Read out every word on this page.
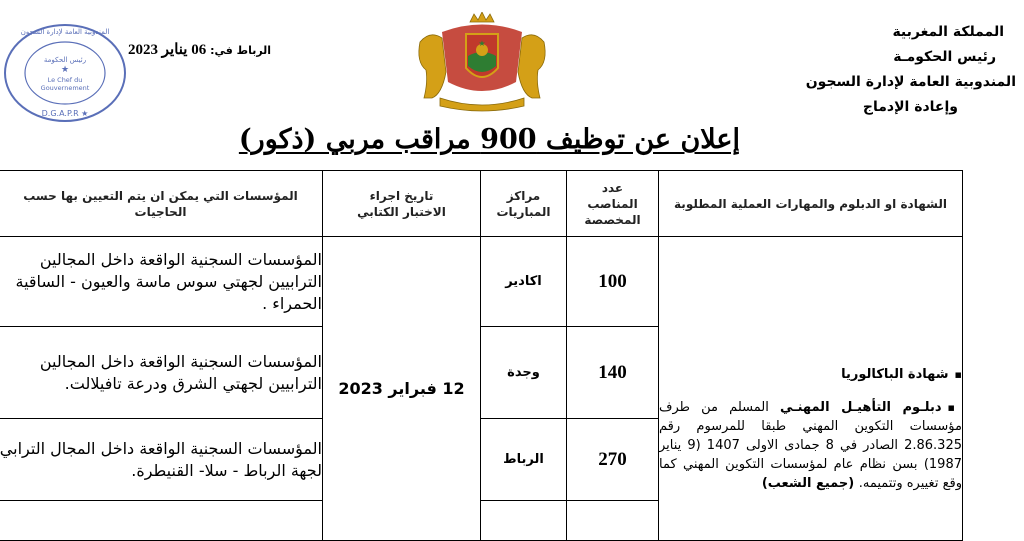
المندوبية العامة لإدارة السجون
رئيس الحكومة
★
Le Chef du
Gouvernement
D.G.A.P.R ★
الرباط في: 06 يناير 2023	★
المملكة المغربية
رئيس الحكومـة
المندوبية العامة لإدارة السجون
وإعادة الإدماج
إعلان عن توظيف 900 مراقب مربي (ذكور)
الشهادة او الدبلوم والمهارات العملية المطلوبة	عدد المناصب المخصصة	مراكز المباريات	تاريخ اجراء الاختبار الكتابي	المؤسسات التي يمكن ان يتم التعيين بها حسب الحاجيات

▪ شهادة الباكالوريا
▪ دبلـوم التأهيـل المهنـي المسلم من طرف مؤسسات التكوين المهني طبقا للمرسوم رقم 2.86.325 الصادر في 8 جمادى الاولى 1407 (9 يناير 1987) بسن نظام عام لمؤسسات التكوين المهني كما وقع تغييره وتتميمه. (جميع الشعب)	100	اكادير	12 فبراير 2023	المؤسسات السجنية الواقعة داخل المجالين الترابيين لجهتي سوس ماسة والعيون - الساقية الحمراء .
	140	وجدة		المؤسسات السجنية الواقعة داخل المجالين الترابيين لجهتي الشرق ودرعة تافيلالت.
	270	الرباط		المؤسسات السجنية الواقعة داخل المجال الترابي لجهة الرباط - سلا- القنيطرة.
